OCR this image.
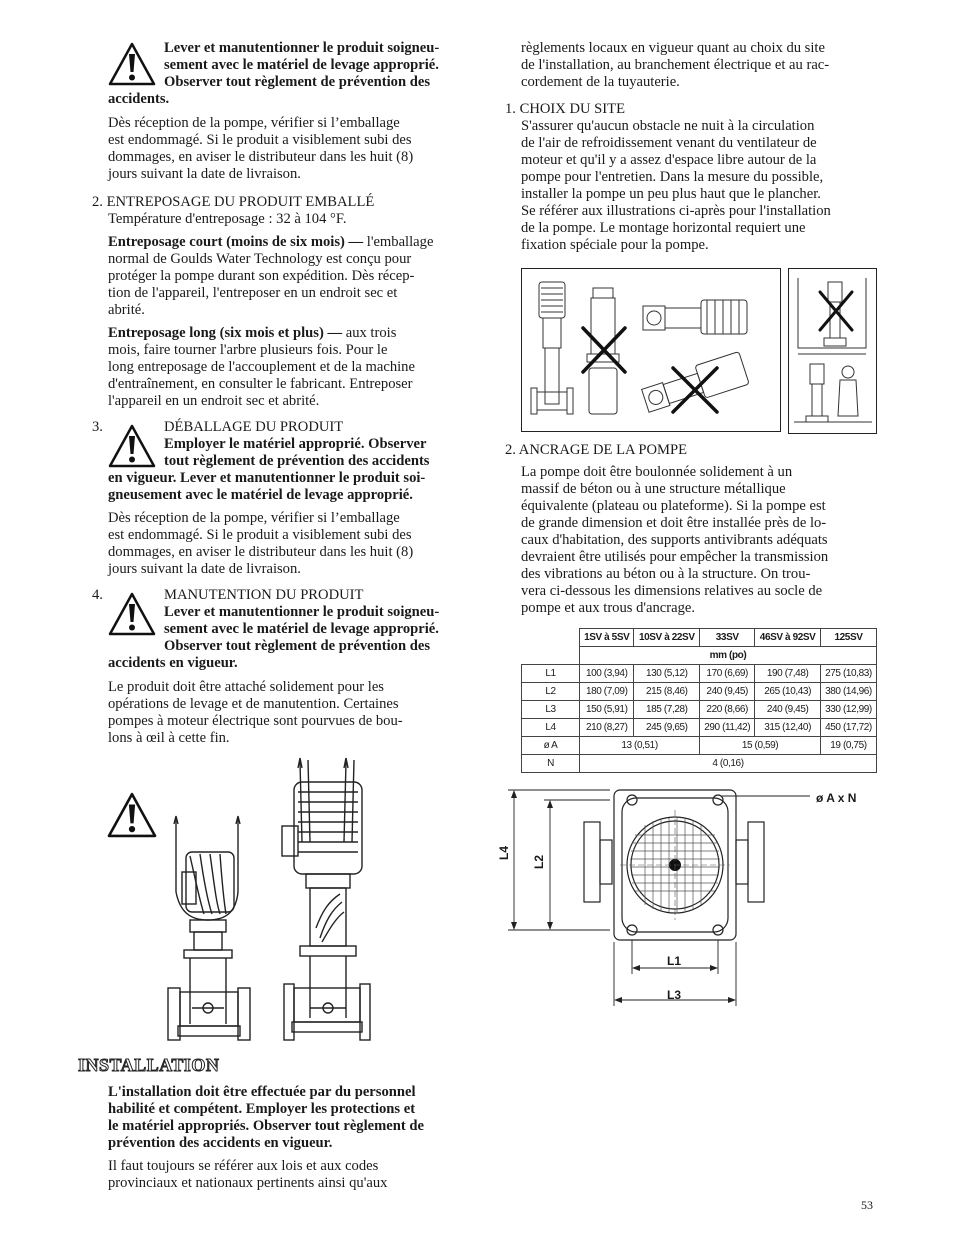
Lever et manutentionner le produit soigneu-

sement avec le matériel de levage approprié.

Observer tout règlement de prévention des

accidents.

Dès réception de la pompe, vérifier si l’emballage

est endommagé. Si le produit a visiblement subi des

dommages, en aviser le distributeur dans les huit (8)

jours suivant la date de livraison.

2. ENTREPOSAGE DU PRODUIT EMBALLÉ
Température d'entreposage : 32 à 104 °F.

Entreposage court (moins de six mois) — l'emballage

normal de Goulds Water Technology est conçu pour

protéger la pompe durant son expédition. Dès récep-

tion de l'appareil, l'entreposer en un endroit sec et

abrité.

Entreposage long (six mois et plus) — aux trois

mois, faire tourner l'arbre plusieurs fois. Pour le

long entreposage de l'accouplement et de la machine

d'entraînement, en consulter le fabricant. Entreposer

l'appareil en un endroit sec et abrité.

3.	DÉBALLAGE DU PRODUIT

Employer le matériel approprié. Observer

tout règlement de prévention des accidents

en vigueur. Lever et manutentionner le produit soi-

gneusement avec le matériel de levage approprié.

Dès réception de la pompe, vérifier si l’emballage

est endommagé. Si le produit a visiblement subi des

dommages, en aviser le distributeur dans les huit (8)

jours suivant la date de livraison.

4.	MANUTENTION DU PRODUIT

Lever et manutentionner le produit soigneu-

sement avec le matériel de levage approprié.

Observer tout règlement de prévention des

accidents en vigueur.

Le produit doit être attaché solidement pour les

opérations de levage et de manutention. Certaines

pompes à moteur électrique sont pourvues de bou-

lons à œil à cette fin.

INSTALLATION

L'installation doit être effectuée par du personnel

habilité et compétent. Employer les protections et

le matériel appropriés. Observer tout règlement de

prévention des accidents en vigueur.

Il faut toujours se référer aux lois et aux codes

provinciaux et nationaux pertinents ainsi qu'aux

règlements locaux en vigueur quant au choix du site

de l'installation, au branchement électrique et au rac-

cordement de la tuyauterie.

1. CHOIX DU SITE

S'assurer qu'aucun obstacle ne nuit à la circulation

de l'air de refroidissement venant du ventilateur de

moteur et qu'il y a assez d'espace libre autour de la

pompe pour l'entretien. Dans la mesure du possible,

installer la pompe un peu plus haut que le plancher.

Se référer aux illustrations ci-après pour l'installation

de la pompe. Le montage horizontal requiert une

fixation spéciale pour la pompe.

2. ANCRAGE DE LA POMPE

La pompe doit être boulonnée solidement à un

massif de béton ou à une structure métallique

équivalente (plateau ou plateforme). Si la pompe est

de grande dimension et doit être installée près de lo-

caux d'habitation, des supports antivibrants adéquats

devraient être utilisés pour empêcher la transmission

des vibrations au béton ou à la structure. On trou-

vera ci-dessous les dimensions relatives au socle de

pompe et aux trous d'ancrage.

	1SV à 5SV	10SV à 22SV	33SV	46SV à 92SV	125SV
	mm (po)				
L1	100 (3,94)	130 (5,12)	170 (6,69)	190 (7,48)	275 (10,83)
L2	180 (7,09)	215 (8,46)	240 (9,45)	265 (10,43)	380 (14,96)
L3	150 (5,91)	185 (7,28)	220 (8,66)	240 (9,45)	330 (12,99)
L4	210 (8,27)	245 (9,65)	290 (11,42)	315 (12,40)	450 (17,72)
ø A	13 (0,51)		15 (0,59)		19 (0,75)
N	4 (0,16)				
ø A x N
L4
L2
L1
L3
53
